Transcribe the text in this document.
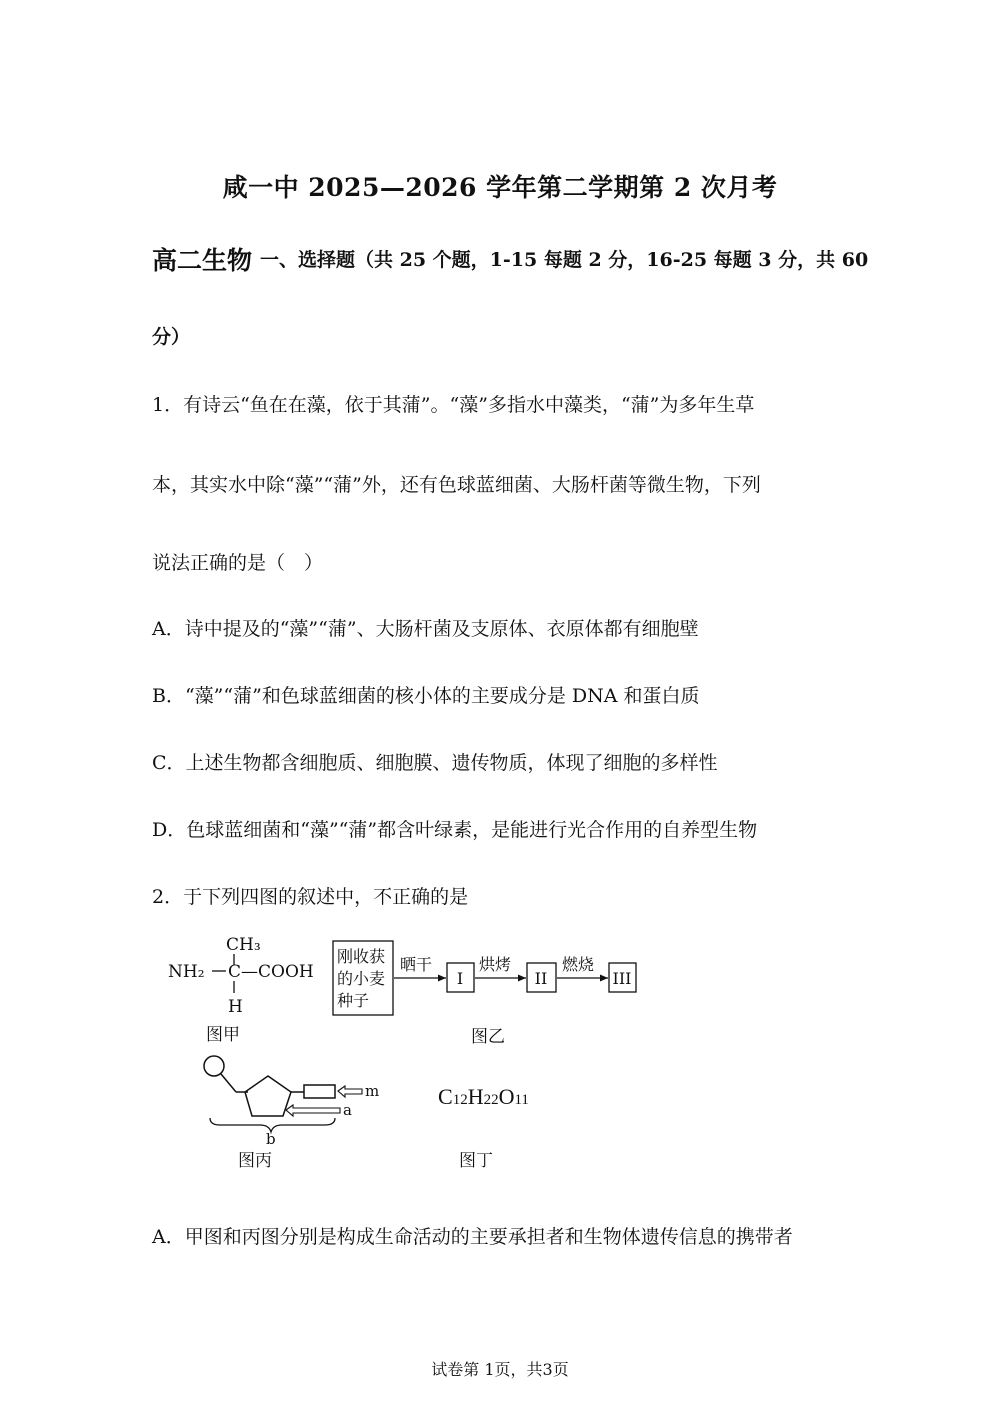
咸一中 2025—2026 学年第二学期第 2 次月考
高二生物 一、选择题（共 25 个题，1-15 每题 2 分，16-25 每题 3 分，共 60
分）
1．有诗云“鱼在在藻，依于其蒲”。“藻”多指水中藻类，“蒲”为多年生草
本，其实水中除“藻”“蒲”外，还有色球蓝细菌、大肠杆菌等微生物，下列
说法正确的是（　）
A．诗中提及的“藻”“蒲”、大肠杆菌及支原体、衣原体都有细胞壁
B．“藻”“蒲”和色球蓝细菌的核小体的主要成分是 DNA 和蛋白质
C．上述生物都含细胞质、细胞膜、遗传物质，体现了细胞的多样性
D．色球蓝细菌和“藻”“蒲”都含叶绿素，是能进行光合作用的自养型生物
2．于下列四图的叙述中，不正确的是
CH₃
NH₂ C —COOH
H
图甲
刚收获
的小麦
种子
晒干
I
烘烤
II
燃烧
III
图乙
m
a
b
图丙
C12H22O11
图丁
A．甲图和丙图分别是构成生命活动的主要承担者和生物体遗传信息的携带者
试卷第 1页，共3页
